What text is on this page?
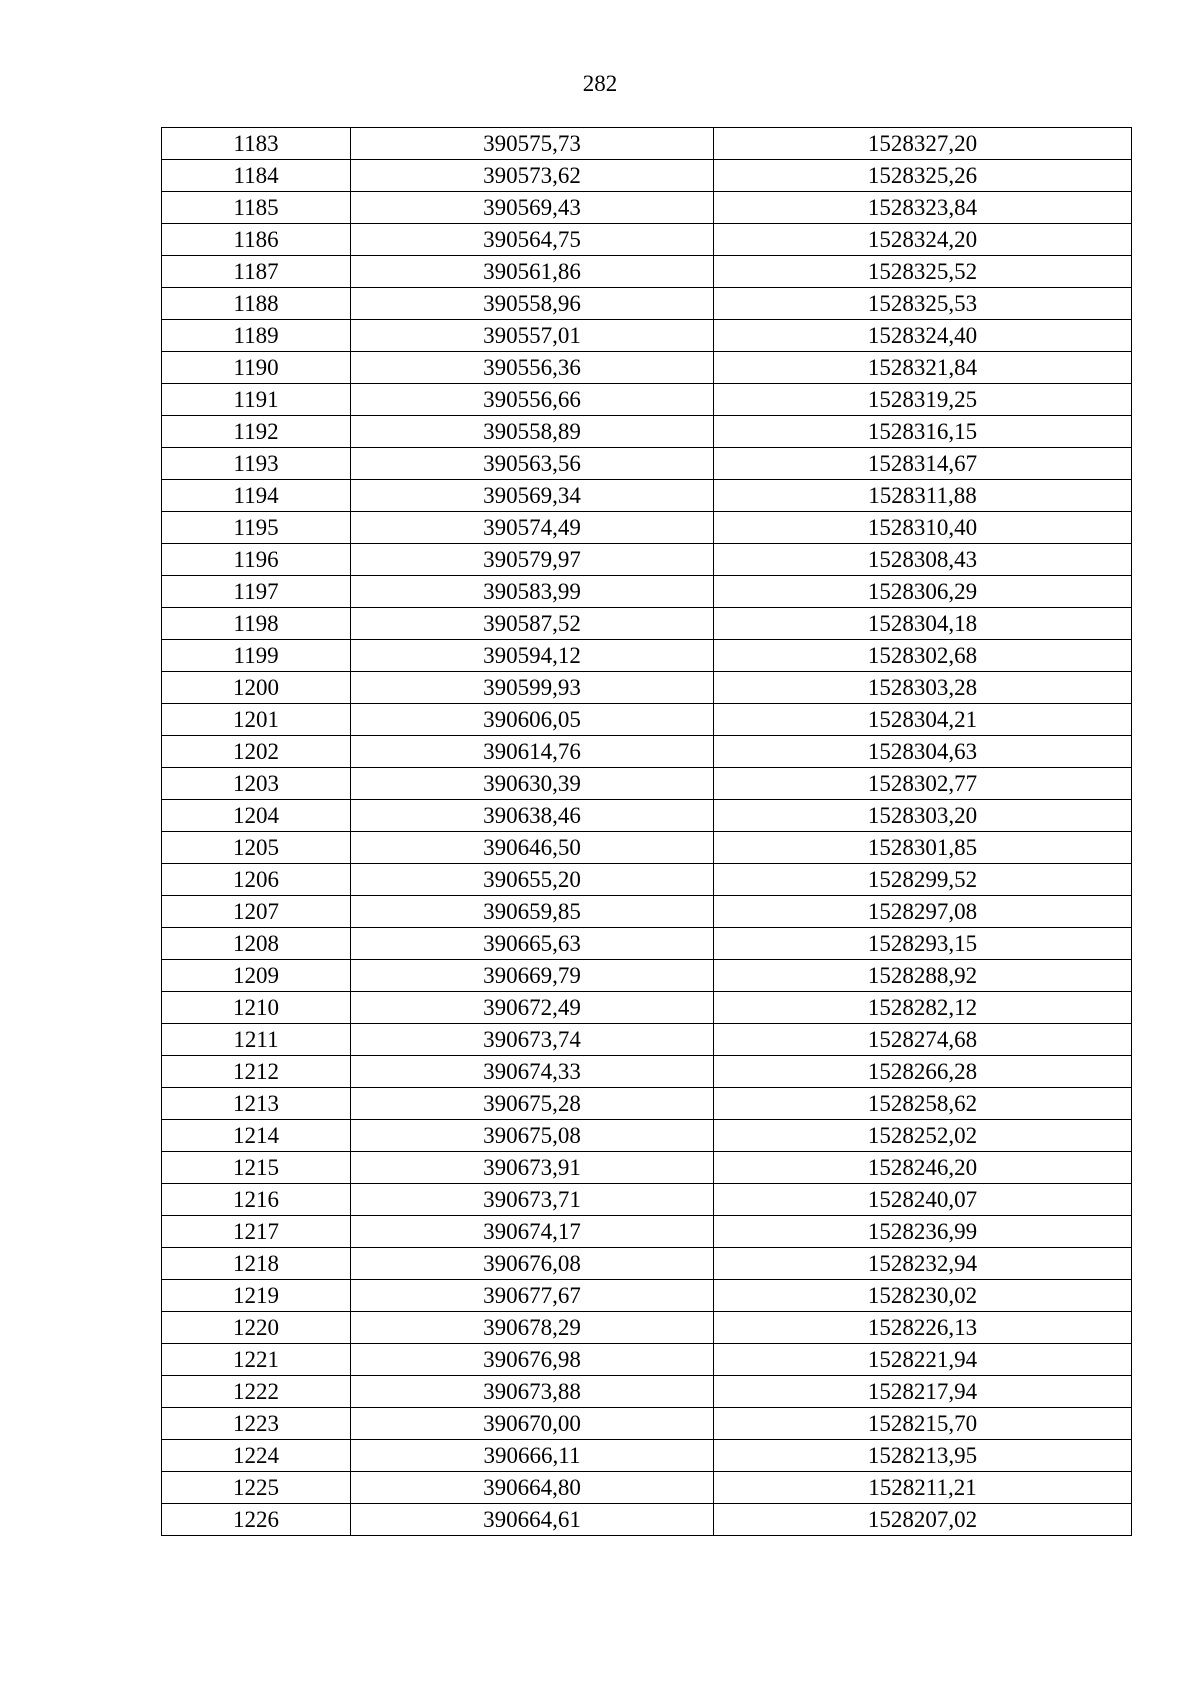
282
1183	390575,73	1528327,20
1184	390573,62	1528325,26
1185	390569,43	1528323,84
1186	390564,75	1528324,20
1187	390561,86	1528325,52
1188	390558,96	1528325,53
1189	390557,01	1528324,40
1190	390556,36	1528321,84
1191	390556,66	1528319,25
1192	390558,89	1528316,15
1193	390563,56	1528314,67
1194	390569,34	1528311,88
1195	390574,49	1528310,40
1196	390579,97	1528308,43
1197	390583,99	1528306,29
1198	390587,52	1528304,18
1199	390594,12	1528302,68
1200	390599,93	1528303,28
1201	390606,05	1528304,21
1202	390614,76	1528304,63
1203	390630,39	1528302,77
1204	390638,46	1528303,20
1205	390646,50	1528301,85
1206	390655,20	1528299,52
1207	390659,85	1528297,08
1208	390665,63	1528293,15
1209	390669,79	1528288,92
1210	390672,49	1528282,12
1211	390673,74	1528274,68
1212	390674,33	1528266,28
1213	390675,28	1528258,62
1214	390675,08	1528252,02
1215	390673,91	1528246,20
1216	390673,71	1528240,07
1217	390674,17	1528236,99
1218	390676,08	1528232,94
1219	390677,67	1528230,02
1220	390678,29	1528226,13
1221	390676,98	1528221,94
1222	390673,88	1528217,94
1223	390670,00	1528215,70
1224	390666,11	1528213,95
1225	390664,80	1528211,21
1226	390664,61	1528207,02
